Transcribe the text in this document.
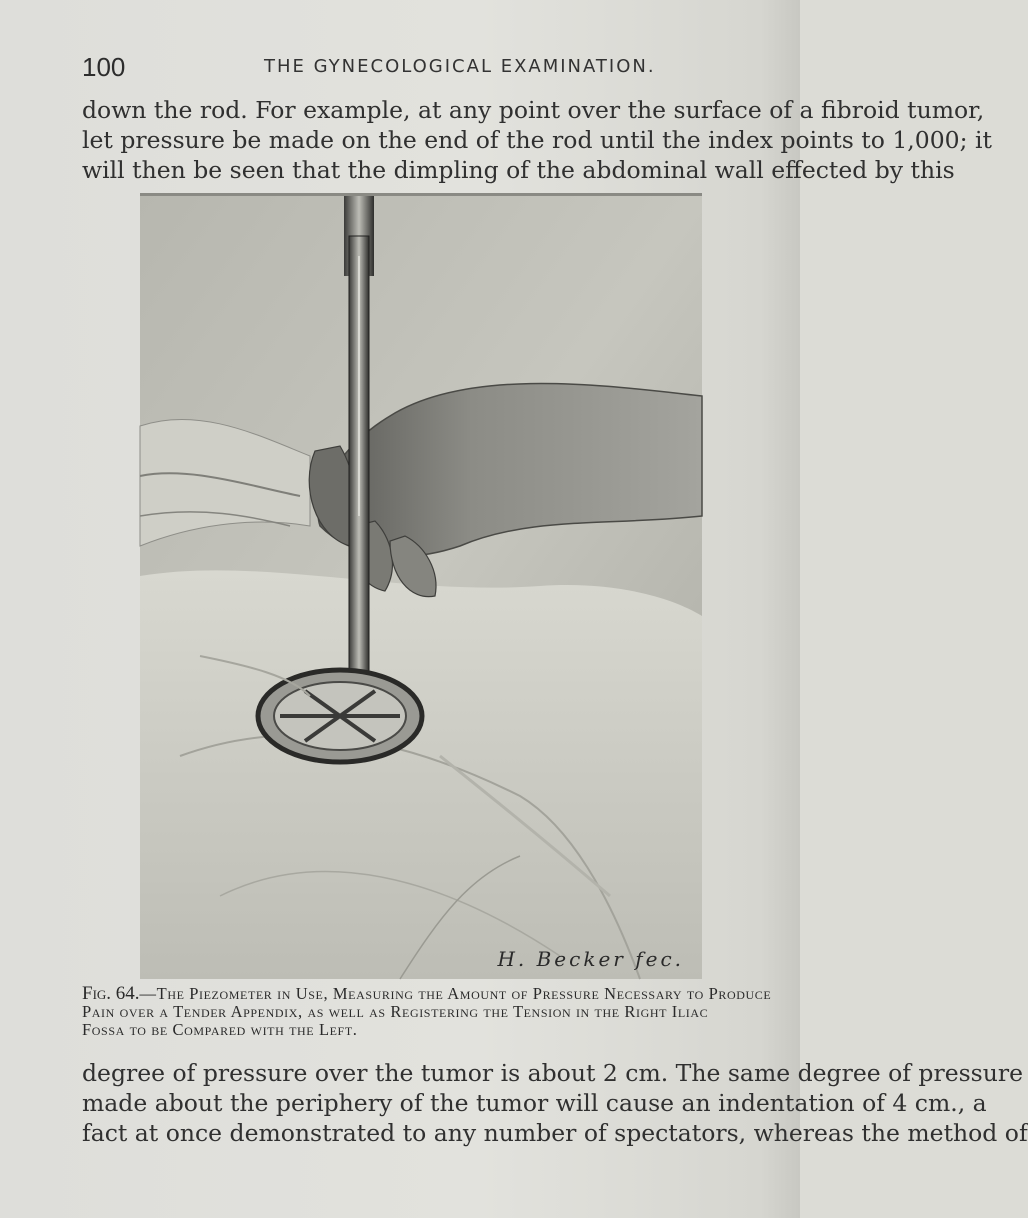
100	THE GYNECOLOGICAL EXAMINATION.
down the rod. For example, at any point over the surface of a fibroid tumor,
let pressure be made on the end of the rod until the index points to 1,000; it
will then be seen that the dimpling of the abdominal wall effected by this
H. Becker fec.
Fig. 64.—The Piezometer in Use, Measuring the Amount of Pressure Necessary to Produce
Pain over a Tender Appendix, as well as Registering the Tension in the Right Iliac
Fossa to be Compared with the Left.
degree of pressure over the tumor is about 2 cm. The same degree of pressure
made about the periphery of the tumor will cause an indentation of 4 cm., a
fact at once demonstrated to any number of spectators, whereas the method of
